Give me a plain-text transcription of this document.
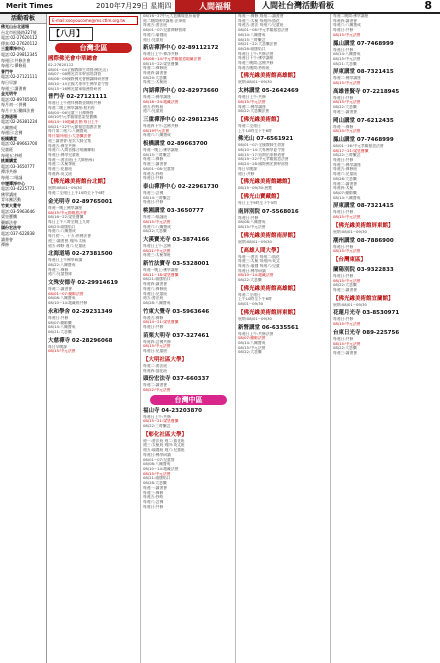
Merit Times	2010年7月29日 星期四	人間福報	人間社台灣活動看板	8
活動看板
佛光山台北道場
台北市松隆路327號
電話:02-27620112
傳真:02-27620112
三重禪淨中心
電話:02-29812345
每週日:共修法會
每週六:禪修班
普門寺
電話:02-27121111
每日早課
每週三:讀書會
金光明寺
電話:02-89765001
每月初一:供佛
每月十五:藥師法會
北海道場
電話:02-26381234
八關齋戒
每週日:念佛
板橋講堂
電話:02-89663700
兒童班
每週五:抄經
桃園講堂
電話:03-3650777
禪淨共修
每週二:唱誦
中壢禪淨中心
電話:03-4225771
佛學講座
青年團活動
竹東大覺寺
電話:03-5963646
梁皇寶懺
藥師法會
頭份宏法寺
電話:037-622838
讀書會
禪修
E-mail:sooyoucome@ms.ctlm.org.tw
【八月】
台灣北區
國際佛光會中華總會
02-27620112
08/01~04全國教師生命營(佛光山)
08/07~08佛光青年幹部培訓營
08/08~09國際佛光會檀講師研習會
08/10~14全國大專學生佛學夏令營
08/15~16佛光童軍服務營研習
普門寺 02-27121111
每週日上午禮拜佛教金剛經共修
每週二晚上佛學講座:般若經
08/04~06兒童三日禪修營
08/10中元孝親報恩梁皇寶懺
08/14~19地藏法會:每日上午
08/21~22中元節報恩超薦法會
每月第二週六:八關齋戒
每月第四週日:大悲懺法會
週三讀書會:星雲大師全集
每週五:禪坐共修
每週六:人間音緣合唱團練唱
每週日:佛學兒童班
每週一:書法班(王大師指導)
每週二:太極拳班
每週三:花藝班
每週四:英文班
【佛光緣美術館台北館】
展期:08/01~09/30
每週二至週日上午10時至下午6時
金光明寺 02-89765001
每週一晚上佛學講座
08/15:中元節報恩法會
08/16~22:梁皇寶懺
每日上午八時至晚上九時
08/23:瑜伽焰口
每週六:八關齋戒
每月初一、十五:供佛法會
週三:讀書會 週四:太極
週五:禪修 週六:兒童班
北海道場 02-27381500
每週日上午佛學研讀
08/22:八關齋戒
每週三:禪修
週六:兒童營隊
文殊安德寺 02-29914619
每週二:讀書會
08/01~07:藥師法會
08/08:八關齋戒
08/10~14:地藏經共修
永和學舍 02-29231349
每週日:共修
08/07:藥師懺
08/14:八關齋戒
08/21:大悲懺
大慈禪寺 02-28296068
每日早晚課
08/15:中元法會
08/16~27中元大悲懺報恩祈福會
週二晚間佛學講座:法華經
每週五:書法班
08/01~07:兒童禪修營隊
每週六:瑜伽班
週日:兒童班
新店禪淨中心 02-89112172
每週日上午:禪淨共修
08/08~14:中元孝親報恩地藏法會
08/15~22:梁皇寶懺
每週二:禪修班
每週四:讀書會
08/29:大悲懺
每週三:太極班
內湖禪淨中心 02-82973660
每週二:佛學講座
08/18~24:地藏法會
週五:抄經班
週六:兒童班
三重禪淨中心 02-29812345
每週四下午:念佛共修
08/19中元法會
每週六:八關齋戒
板橋講堂 02-89663700
每週一晚上:佛學講座
08/15:三時繫念
每週二:禪修
每週三:讀書會
08/01~08:兒童營
每週五:抄經
每週日:共修
泰山禪淨中心 02-22961730
每週三:念佛
08/14:三時繫念
每週日:共修
桃園講堂 03-3650777
每週二:唱誦班
08/15:中元法會
每週六:八關齋戒
08/22:大悲懺
大溪寶光寺 03-3874166
每週日上午:念佛
08/21:中元法會
每週三:太極拳班
新竹法寶寺 03-5328001
每週一晚上:佛學講座
08/11~18:梁皇寶懺
08/21:瑜伽焰口
每週四:讀書會
每週六:禪修班
每週日:兒童班
週五:書法班
08/28:八關齋戒
竹東大覺寺 03-5963646
每週五:禪修
08/14~21:梁皇寶懺
每週日:共修
苗栗大明寺 037-327461
每週四:念佛共修
08/15:中元法會
每週日:兒童班
【大明社區大學】
每週二:書法班
每週四:插花班
頭份宏法寺 037-660337
每週二:讀書會
08/22:中元法會
台灣中區
福山寺 04-23203870
每週日上午:共修
08/15~21:梁皇寶懺
08/22:三時繫念
【彰化社區大學】
週一:書法班 週二:插花班
週三:太極班 週四:英文班
週五:瑜伽班 週六:兒童班
每週日:佛學研讀
08/01~07:兒童營
08/08:八關齋戒
08/10~14:地藏法會
08/15:中元法會
08/21:瑜伽焰口
08/28:大悲懺
每週一:讀書會
每週三:禪修
每週五:抄經
每週六:念佛
每週日:共修
每週一:禪修 每週二:讀書會
每週三:太極 每週四:插花
每週五:書法 每週六:兒童班
08/01~08:中元孝親報恩法會
08/14:八關齋戒
08/15:三時繫念
08/21~22:大悲懺法會
08/28:瑜伽焰口
每週日上午:共修法會
每週日下午:佛學講座
每週三晚間:念佛共修
每週五晚間:抄經班
【佛光緣美術館高雄館】
展期:08/01~09/30
太林講堂 05-2642469
每週日上午:共修
08/15:中元法會
每週二:佛學講座
08/22:大悲懺法會
【佛光緣美術館】
每週二至週日
上午10時至下午6時
佛光山 07-6561921
08/01~07:全國教師生命營
08/10~14:大專佛學夏令營
08/15~17:短期出家修道會
08/19~22:中元孝親報恩法會
08/24~28:國際佛光會幹部營
每日早晚課
週日:共修
【佛光緣美術館總館】
08/15~09/30:展覽
【佛光山寶藏館】
每日上午9時至下午5時
南屏別院 07-5568016
每週日:共修
08/08:八關齋戒
08/15:中元法會
【佛光緣美術館南屏館】
展期:08/01~09/30
【高雄人間大學】
每週一:書法 每週二:插花
每週三:太極 每週四:英文
每週五:瑜伽 每週六:兒童
每週日:佛學研讀
08/10~14:地藏法會
08/22:大悲懺
【佛光緣美術館高雄館】
每週二至週日
上午10時至下午6時
08/01~09/30
【佛光緣美術館屏東館】
展期:08/01~09/30
新營講堂 06-6335561
每週日上午:共修法會
08/07:藥師法會
08/14:八關齋戒
08/15:中元法會
08/22:大悲懺
每週二晚間:佛學講座
每週四:讀書會
每週六:八關齋戒
每週日:共修
08/15:中元法會
鳳山講堂 07-7468999
每週日:共修
08/14:八關齋戒
08/15:中元法會
08/21:大悲懺
屏東講堂 08-7321415
每週二:佛學講座
08/15:中元法會
高雄普賢寺 07-2218945
每週日:共修
08/15:中元法會
08/22:大悲懺
每週三:讀書會
岡山講堂 07-6212435
每週一:禪修
08/15:中元法會
鳳山講堂 07-7468999
08/01~16:中元孝親報恩法會
08/17~21:梁皇寶懺
08/22:三時繫念
每週日:共修
每週三:佛學講座
每週五:禪修班
每週六:兒童班
08/28:大悲懺
每週二:讀書會
每週四:太極
08/07:藥師懺
08/14:八關齋戒
屏東講堂 08-7321415
每週日:共修
08/15:中元法會
【佛光緣美術館屏東館】
展期:08/01~09/30
潮州講堂 08-7886900
每週日:共修
08/15:中元法會
【台灣東區】
蘭陽別院 03-9322833
每週日:共修
08/15:中元法會
08/22:大悲懺
每週三:讀書會
【佛光緣美術館宜蘭館】
展期:08/01~09/30
花蓮月光寺 03-8530971
每週日:共修
08/15:中元法會
台東日光寺 089-225756
每週日:共修
08/15:中元法會
08/22:大悲懺
每週三:讀書會
